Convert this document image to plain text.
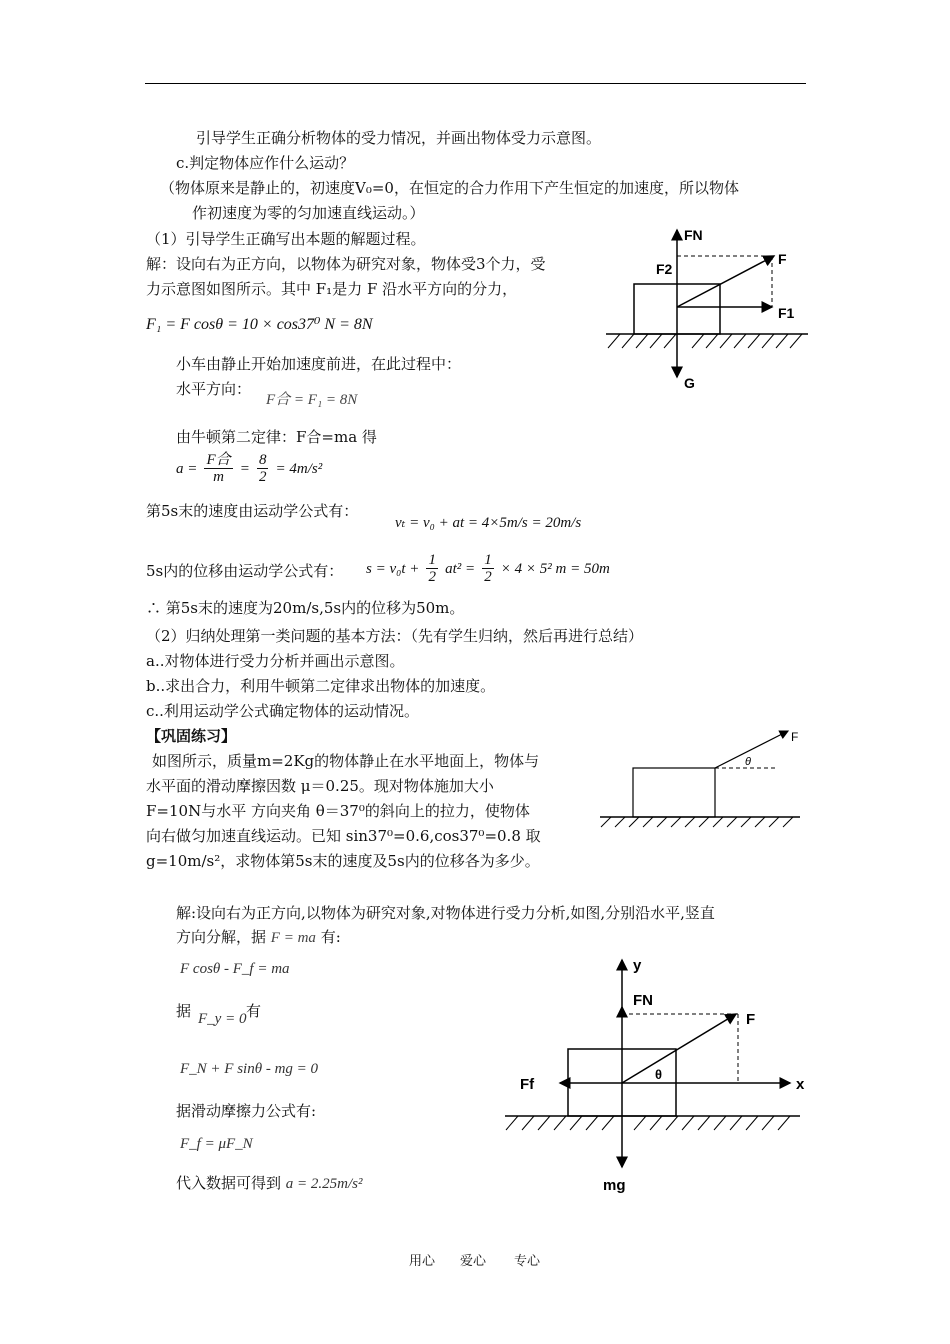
引导学生正确分析物体的受力情况，并画出物体受力示意图。
c.判定物体应作什么运动？
（物体原来是静止的，初速度V₀=0，在恒定的合力作用下产生恒定的加速度，所以物体
作初速度为零的匀加速直线运动。）
（1）引导学生正确写出本题的解题过程。
解：设向右为正方向，以物体为研究对象，物体受3个力，受
力示意图如图所示。其中 F₁是力 F 沿水平方向的分力，
F₁ = F cosθ = 10 × cos37⁰ N = 8N
小车由静止开始加速度前进，在此过程中：
水平方向：
F合 = F₁ = 8N
由牛顿第二定律：F合=ma 得
$a = \frac{\text{F合}}{m} = \frac{8}{2} = 4m/s^2$
第5s末的速度由运动学公式有：
vₜ = v₀ + at = 4×5m/s = 20m/s
5s内的位移由运动学公式有： $s = v_0t + \frac{1}{2} at^2 = \frac{1}{2} \times 4 \times 5^2$ m = 50m
∴ 第5s末的速度为20m/s,5s内的位移为50m。
（2）归纳处理第一类问题的基本方法：（先有学生归纳，然后再进行总结）
a..对物体进行受力分析并画出示意图。
b..求出合力，利用牛顿第二定律求出物体的加速度。
c..利用运动学公式确定物体的运动情况。
【巩固练习】
如图所示，质量m=2Kg的物体静止在水平地面上，物体与
水平面的滑动摩擦因数 μ＝0.25。现对物体施加大小
F=10N与水平 方向夹角 θ＝37⁰的斜向上的拉力，使物体
向右做匀加速直线运动。已知 sin37⁰=0.6,cos37⁰=0.8 取
g=10m/s²，求物体第5s末的速度及5s内的位移各为多少。
解:设向右为正方向,以物体为研究对象,对物体进行受力分析,如图,分别沿水平,竖直
方向分解，据 F = ma 有:
F cosθ - F_f = ma
据 F_y = 0 有
F_N + F sinθ - mg = 0
据滑动摩擦力公式有:
F_f = μF_N
代入数据可得到 a = 2.25m/s²
FN
F2
F
F1
G
F
θ
y
FN
F
Ff
θ
x
mg
用心 爱心 专心
